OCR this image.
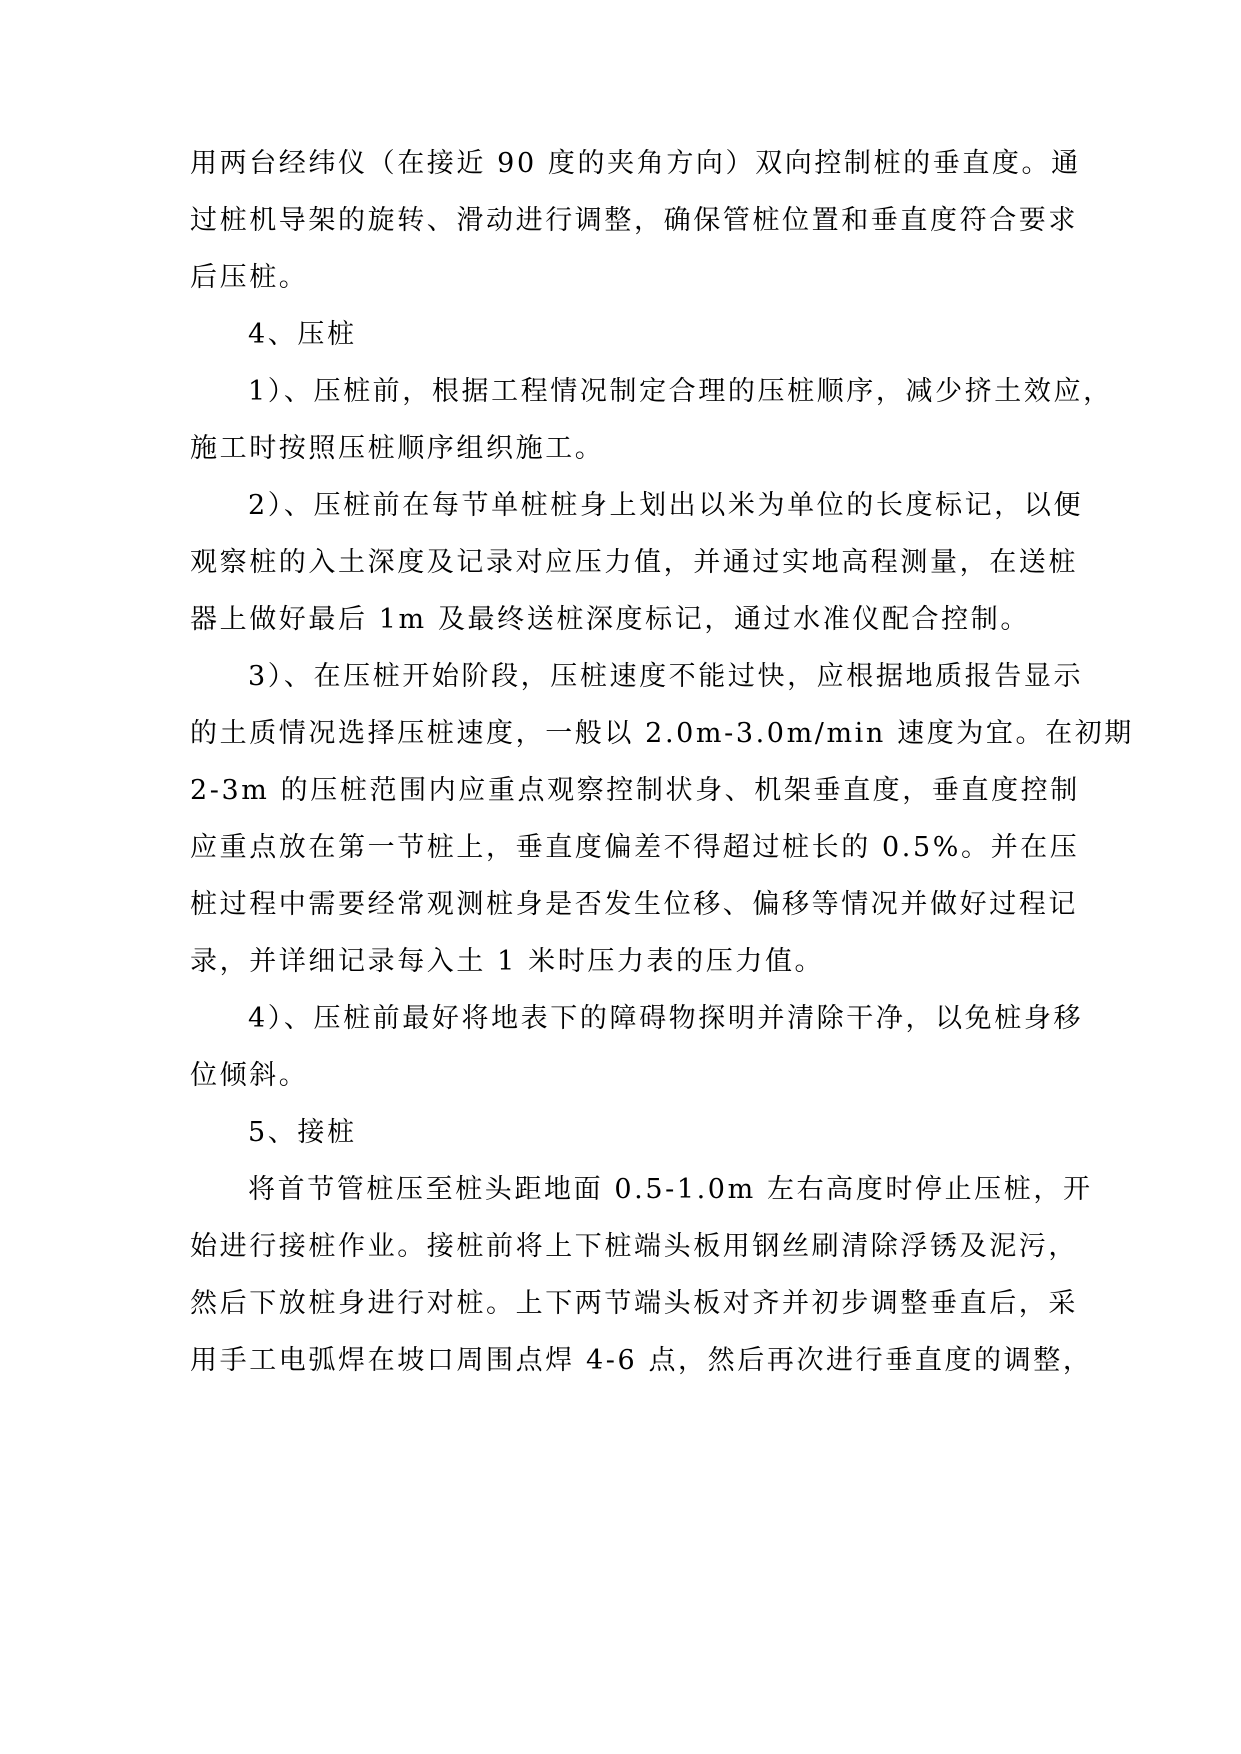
用两台经纬仪（在接近 90 度的夹角方向）双向控制桩的垂直度。通
过桩机导架的旋转、滑动进行调整，确保管桩位置和垂直度符合要求
后压桩。
4、压桩
1）、压桩前，根据工程情况制定合理的压桩顺序，减少挤土效应，
施工时按照压桩顺序组织施工。
2）、压桩前在每节单桩桩身上划出以米为单位的长度标记，以便
观察桩的入土深度及记录对应压力值，并通过实地高程测量，在送桩
器上做好最后 1m 及最终送桩深度标记，通过水准仪配合控制。
3）、在压桩开始阶段，压桩速度不能过快，应根据地质报告显示
的土质情况选择压桩速度，一般以 2.0m-3.0m/min 速度为宜。在初期
2-3m 的压桩范围内应重点观察控制状身、机架垂直度，垂直度控制
应重点放在第一节桩上，垂直度偏差不得超过桩长的 0.5%。并在压
桩过程中需要经常观测桩身是否发生位移、偏移等情况并做好过程记
录，并详细记录每入土 1 米时压力表的压力值。
4）、压桩前最好将地表下的障碍物探明并清除干净，以免桩身移
位倾斜。
5、接桩
将首节管桩压至桩头距地面 0.5-1.0m 左右高度时停止压桩，开
始进行接桩作业。接桩前将上下桩端头板用钢丝刷清除浮锈及泥污，
然后下放桩身进行对桩。上下两节端头板对齐并初步调整垂直后，采
用手工电弧焊在坡口周围点焊 4-6 点，然后再次进行垂直度的调整，
